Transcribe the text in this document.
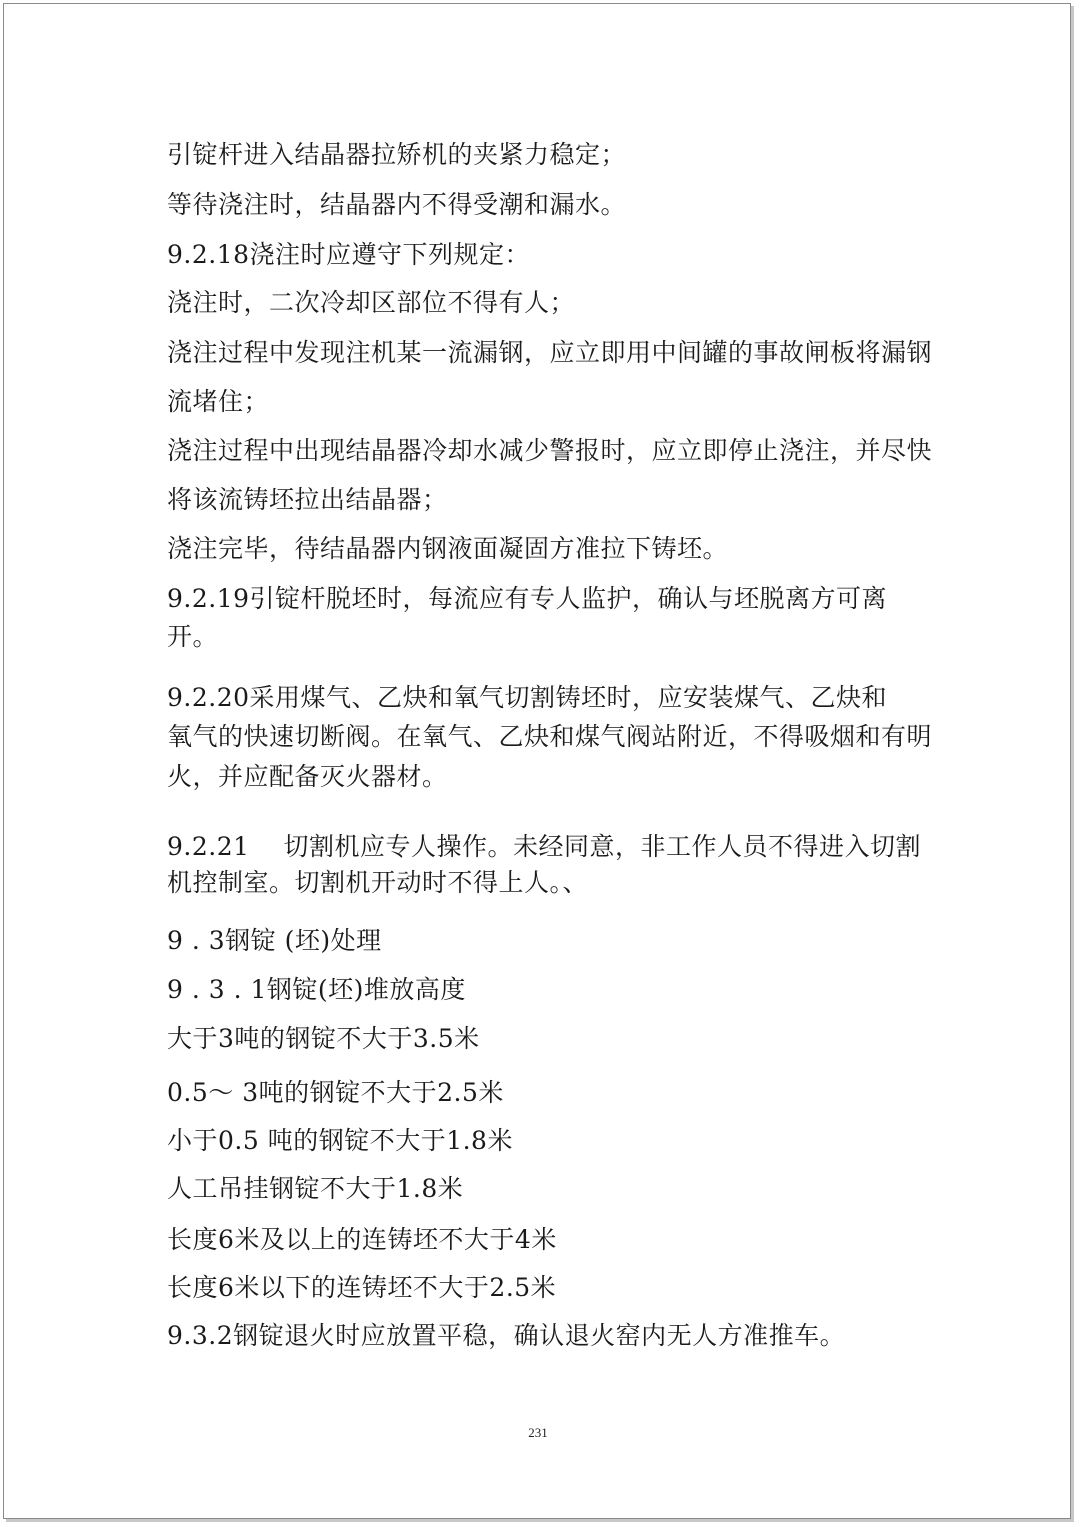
引锭杆进入结晶器拉矫机的夹紧力稳定；
等待浇注时，结晶器内不得受潮和漏水。
9.2.18浇注时应遵守下列规定：
浇注时，二次冷却区部位不得有人；
浇注过程中发现注机某一流漏钢，应立即用中间罐的事故闸板将漏钢
流堵住；
浇注过程中出现结晶器冷却水减少警报时，应立即停止浇注，并尽快
将该流铸坯拉出结晶器；
浇注完毕，待结晶器内钢液面凝固方准拉下铸坯。
9.2.19引锭杆脱坯时，每流应有专人监护，确认与坯脱离方可离
开。
9.2.20采用煤气、乙炔和氧气切割铸坯时，应安装煤气、乙炔和
氧气的快速切断阀。在氧气、乙炔和煤气阀站附近，不得吸烟和有明
火，并应配备灭火器材。
9.2.21　 切割机应专人操作。未经同意，非工作人员不得进入切割
机控制室。切割机开动时不得上人。、
9 . 3钢锭 (坯)处理
9 . 3 . 1钢锭(坯)堆放高度
大于3吨的钢锭不大于3.5米
0.5～ 3吨的钢锭不大于2.5米
小于0.5 吨的钢锭不大于1.8米
人工吊挂钢锭不大于1.8米
长度6米及以上的连铸坯不大于4米
长度6米以下的连铸坯不大于2.5米
9.3.2钢锭退火时应放置平稳，确认退火窑内无人方准推车。
231
